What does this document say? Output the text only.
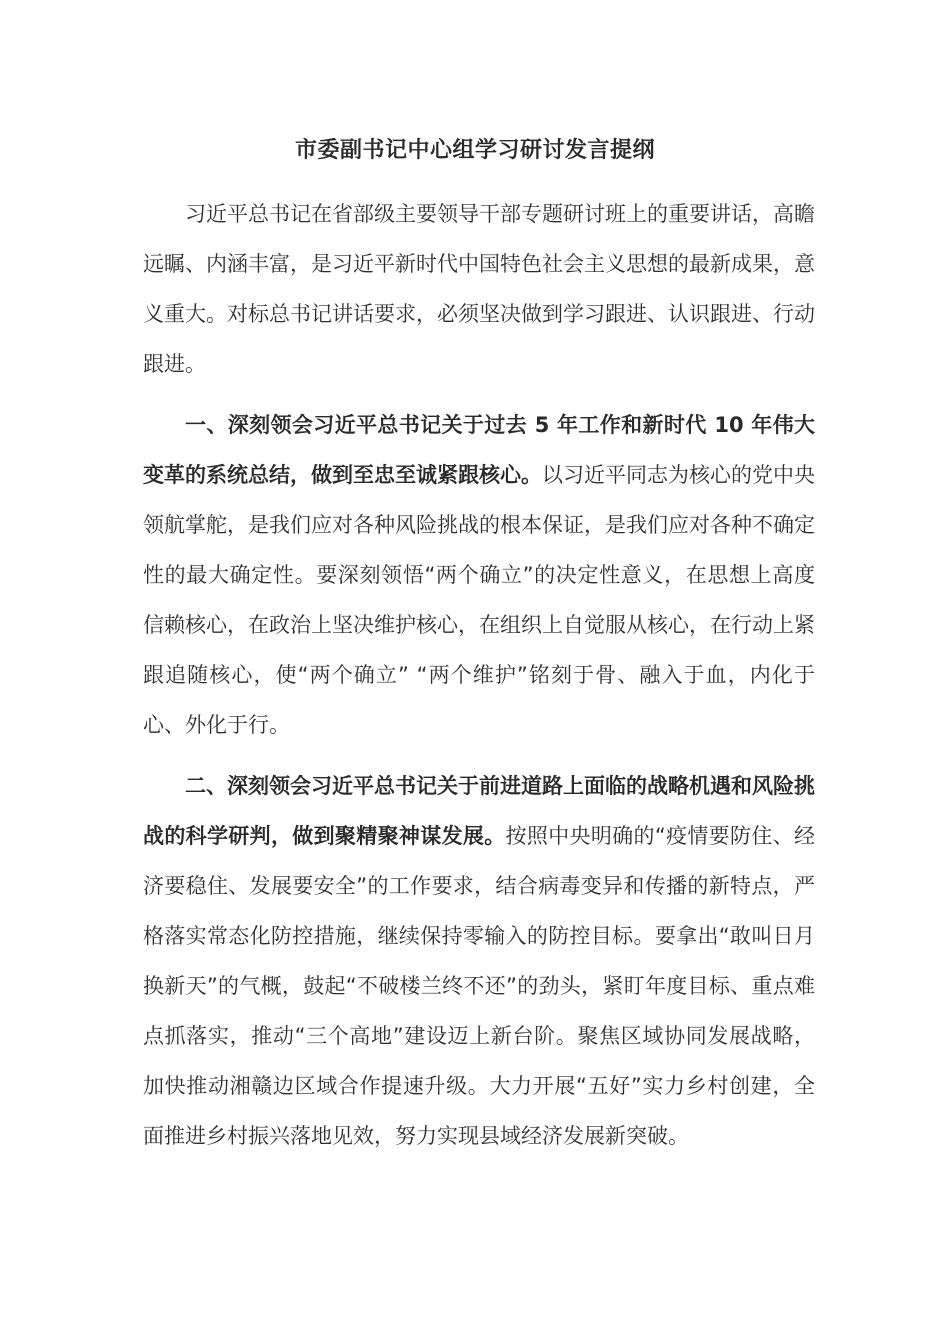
市委副书记中心组学习研讨发言提纲

习近平总书记在省部级主要领导干部专题研讨班上的重要讲话，高瞻远瞩、内涵丰富，是习近平新时代中国特色社会主义思想的最新成果，意义重大。对标总书记讲话要求，必须坚决做到学习跟进、认识跟进、行动跟进。

一、深刻领会习近平总书记关于过去 5 年工作和新时代 10 年伟大变革的系统总结，做到至忠至诚紧跟核心。以习近平同志为核心的党中央领航掌舵，是我们应对各种风险挑战的根本保证，是我们应对各种不确定性的最大确定性。要深刻领悟“两个确立”的决定性意义，在思想上高度信赖核心，在政治上坚决维护核心，在组织上自觉服从核心，在行动上紧跟追随核心，使“两个确立” “两个维护”铭刻于骨、融入于血，内化于心、外化于行。

二、深刻领会习近平总书记关于前进道路上面临的战略机遇和风险挑战的科学研判，做到聚精聚神谋发展。按照中央明确的“疫情要防住、经济要稳住、发展要安全”的工作要求，结合病毒变异和传播的新特点，严格落实常态化防控措施，继续保持零输入的防控目标。要拿出“敢叫日月换新天”的气概，鼓起“不破楼兰终不还”的劲头，紧盯年度目标、重点难点抓落实，推动“三个高地”建设迈上新台阶。聚焦区域协同发展战略，加快推动湘赣边区域合作提速升级。大力开展“五好”实力乡村创建，全面推进乡村振兴落地见效，努力实现县域经济发展新突破。
